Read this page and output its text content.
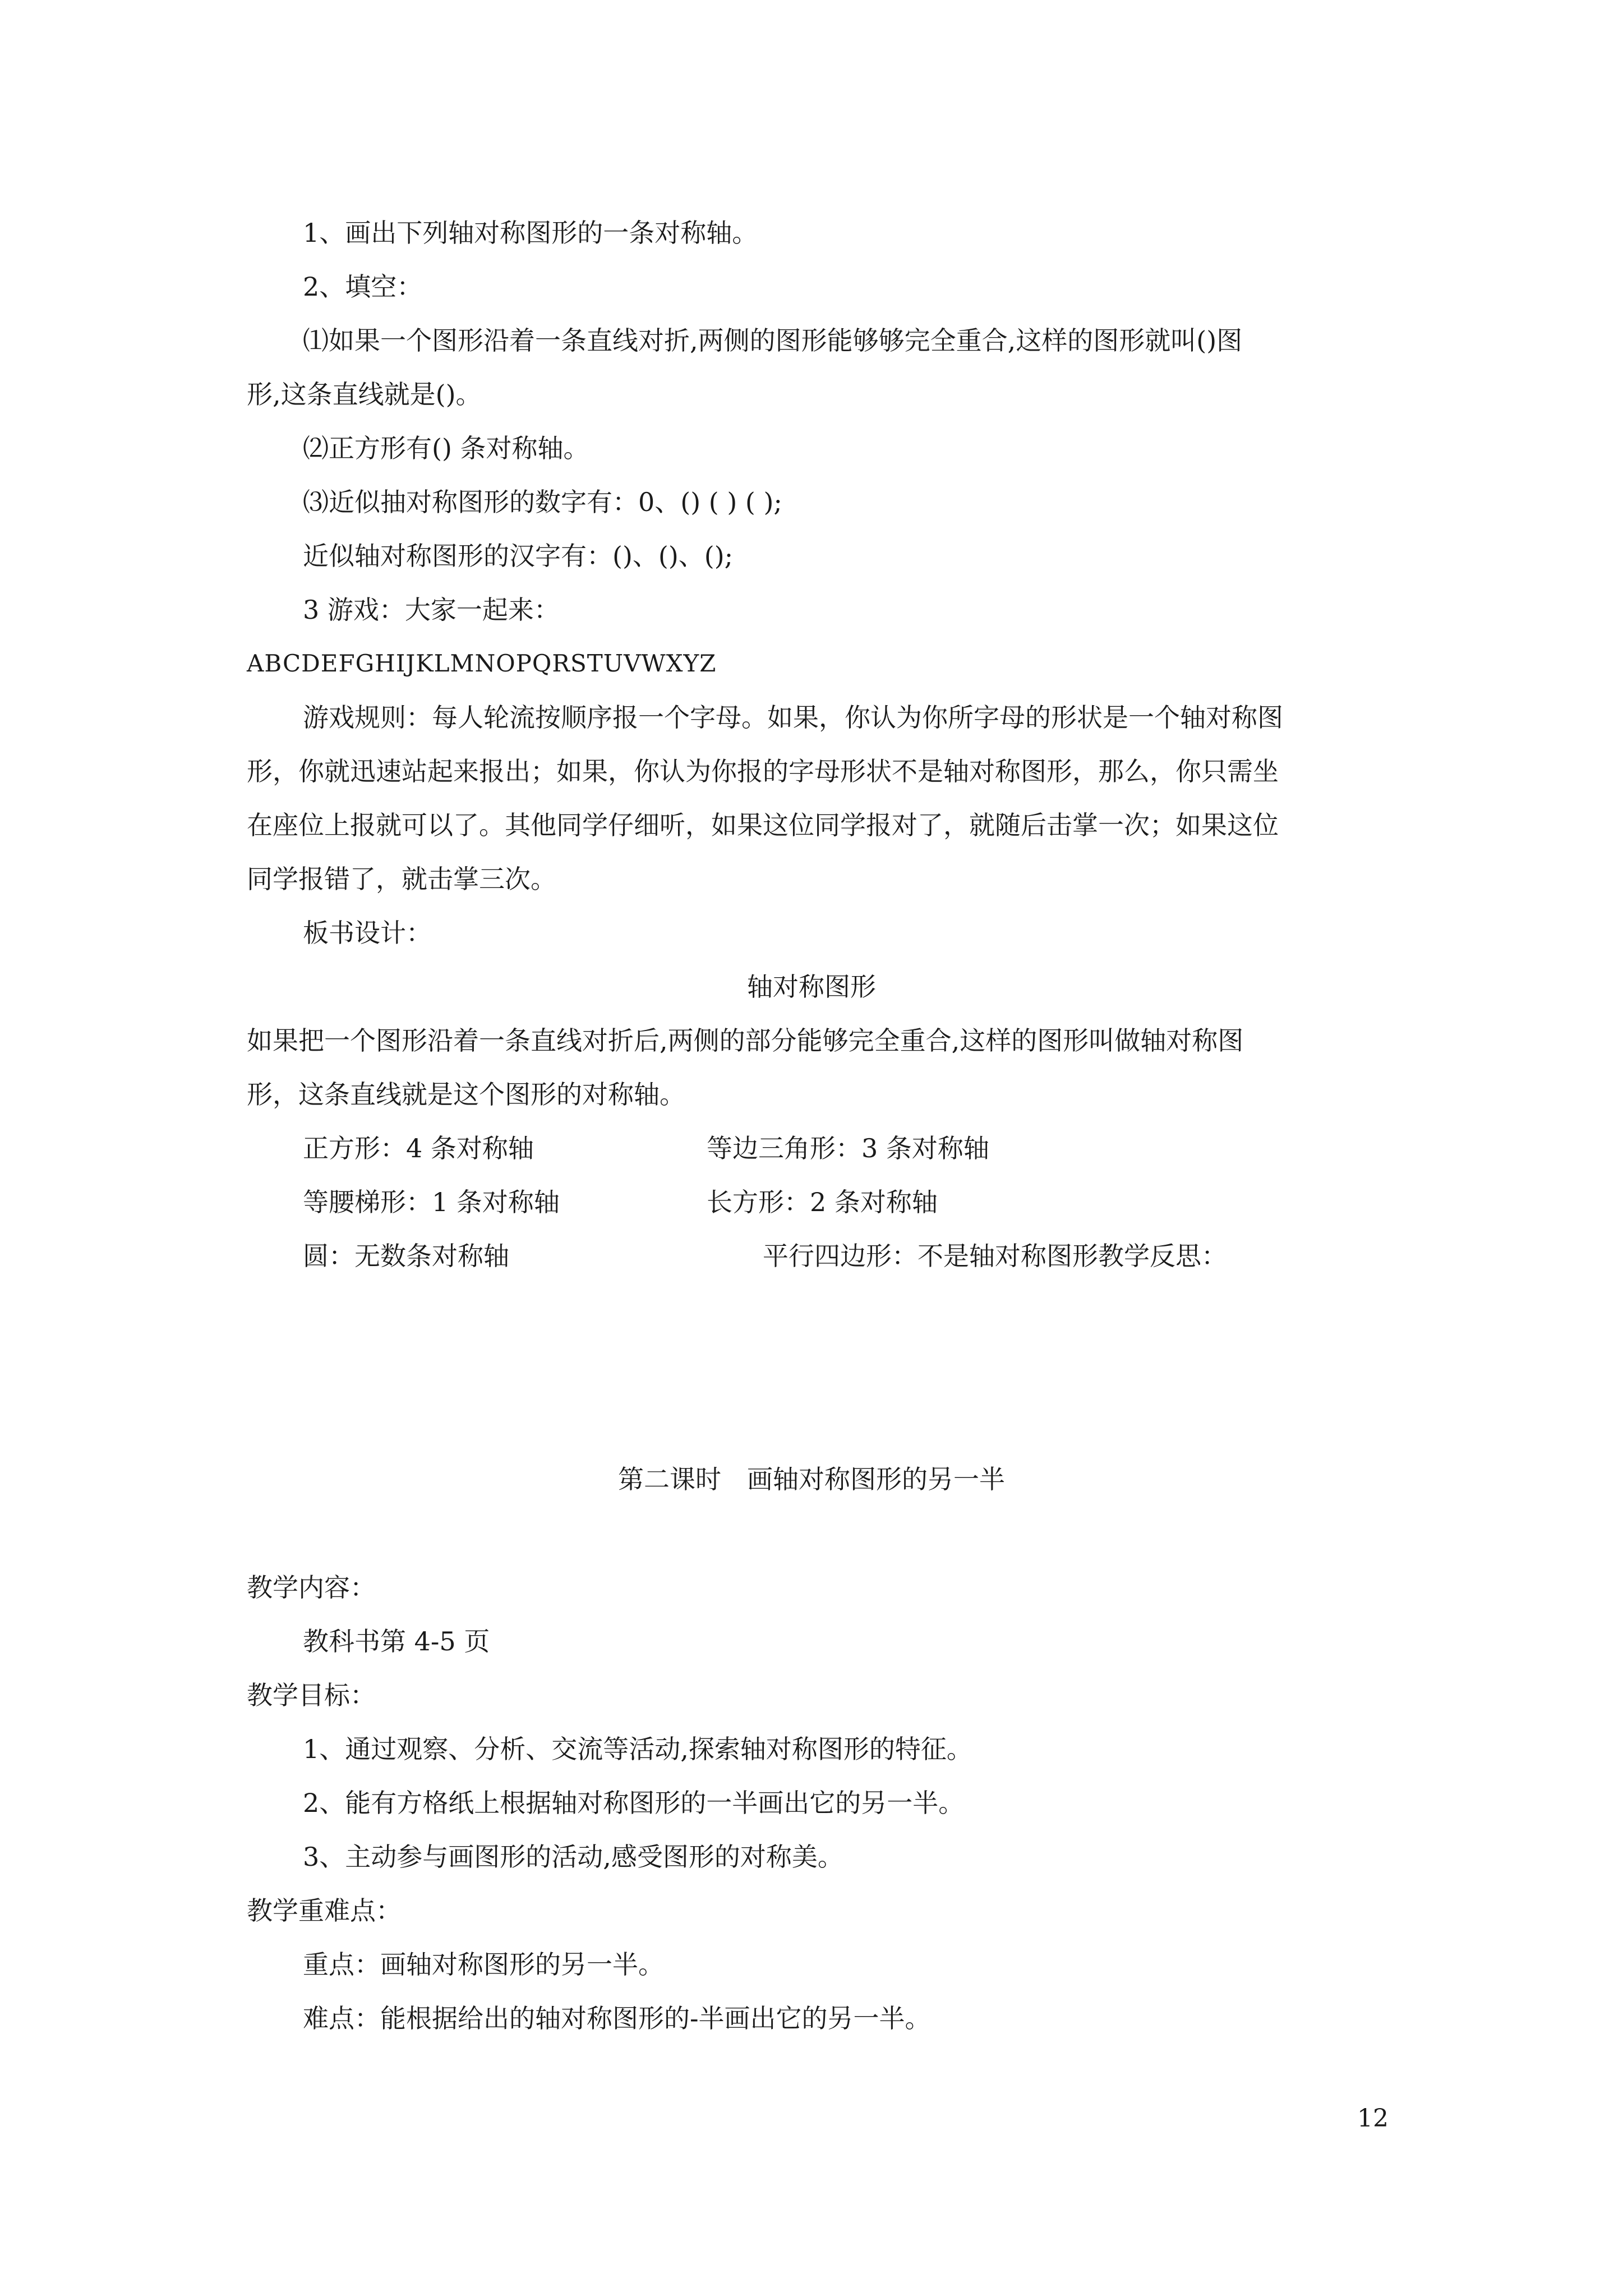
1、画出下列轴对称图形的一条对称轴。
2、填空：
⑴如果一个图形沿着一条直线对折,两侧的图形能够够完全重合,这样的图形就叫()图
形,这条直线就是()。
⑵正方形有() 条对称轴。
⑶近似抽对称图形的数字有：0、() ( ) ( );
近似轴对称图形的汉字有：()、()、();
3 游戏：大家一起来：
ABCDEFGHIJKLMNOPQRSTUVWXYZ
游戏规则：每人轮流按顺序报一个字母。如果，你认为你所字母的形状是一个轴对称图
形，你就迅速站起来报出；如果，你认为你报的字母形状不是轴对称图形，那么，你只需坐
在座位上报就可以了。其他同学仔细听，如果这位同学报对了，就随后击掌一次；如果这位
同学报错了，就击掌三次。
板书设计：
轴对称图形
如果把一个图形沿着一条直线对折后,两侧的部分能够完全重合,这样的图形叫做轴对称图
形，这条直线就是这个图形的对称轴。
正方形：4 条对称轴	等边三角形：3 条对称轴
等腰梯形：1 条对称轴	长方形：2 条对称轴
圆：无数条对称轴	平行四边形：不是轴对称图形教学反思：
第二课时　画轴对称图形的另一半
教学内容：
教科书第 4-5 页
教学目标：
1、通过观察、分析、交流等活动,探索轴对称图形的特征。
2、能有方格纸上根据轴对称图形的一半画出它的另一半。
3、主动参与画图形的活动,感受图形的对称美。
教学重难点：
重点：画轴对称图形的另一半。
难点：能根据给出的轴对称图形的-半画出它的另一半。
12
